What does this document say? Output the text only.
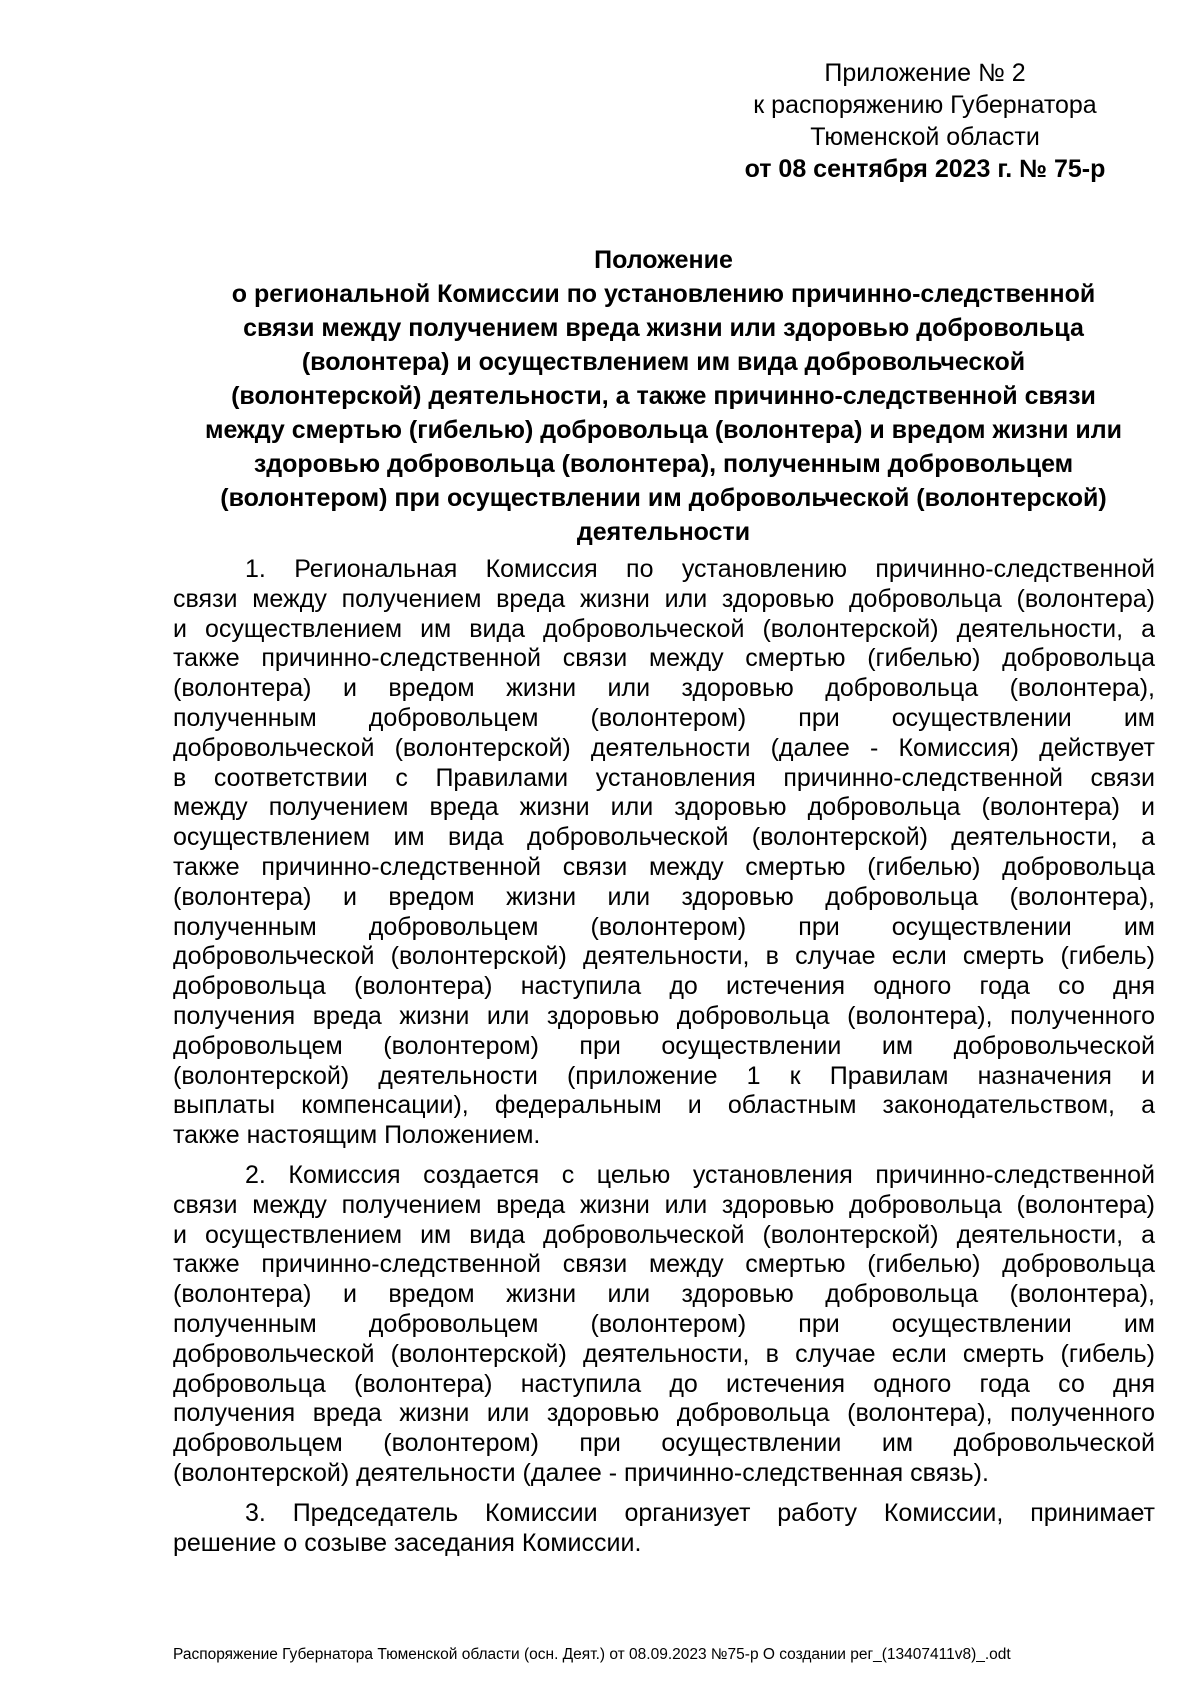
Приложение № 2
к распоряжению Губернатора
Тюменской области
от 08 сентября 2023 г. № 75-р
Положение
о региональной Комиссии по установлению причинно-следственной
связи между получением вреда жизни или здоровью добровольца
(волонтера) и осуществлением им вида добровольческой
(волонтерской) деятельности, а также причинно-следственной связи
между смертью (гибелью) добровольца (волонтера) и вредом жизни или
здоровью добровольца (волонтера), полученным добровольцем
(волонтером) при осуществлении им добровольческой (волонтерской)
деятельности
1. Региональная Комиссия по установлению причинно-следственной
связи между получением вреда жизни или здоровью добровольца (волонтера)
и осуществлением им вида добровольческой (волонтерской) деятельности, а
также причинно-следственной связи между смертью (гибелью) добровольца
(волонтера) и вредом жизни или здоровью добровольца (волонтера),
полученным добровольцем (волонтером) при осуществлении им
добровольческой (волонтерской) деятельности (далее - Комиссия) действует
в соответствии с Правилами установления причинно-следственной связи
между получением вреда жизни или здоровью добровольца (волонтера) и
осуществлением им вида добровольческой (волонтерской) деятельности, а
также причинно-следственной связи между смертью (гибелью) добровольца
(волонтера) и вредом жизни или здоровью добровольца (волонтера),
полученным добровольцем (волонтером) при осуществлении им
добровольческой (волонтерской) деятельности, в случае если смерть (гибель)
добровольца (волонтера) наступила до истечения одного года со дня
получения вреда жизни или здоровью добровольца (волонтера), полученного
добровольцем (волонтером) при осуществлении им добровольческой
(волонтерской) деятельности (приложение 1 к Правилам назначения и
выплаты компенсации), федеральным и областным законодательством, а
также настоящим Положением.
2. Комиссия создается с целью установления причинно-следственной
связи между получением вреда жизни или здоровью добровольца (волонтера)
и осуществлением им вида добровольческой (волонтерской) деятельности, а
также причинно-следственной связи между смертью (гибелью) добровольца
(волонтера) и вредом жизни или здоровью добровольца (волонтера),
полученным добровольцем (волонтером) при осуществлении им
добровольческой (волонтерской) деятельности, в случае если смерть (гибель)
добровольца (волонтера) наступила до истечения одного года со дня
получения вреда жизни или здоровью добровольца (волонтера), полученного
добровольцем (волонтером) при осуществлении им добровольческой
(волонтерской) деятельности (далее - причинно-следственная связь).
3. Председатель Комиссии организует работу Комиссии, принимает
решение о созыве заседания Комиссии.
Распоряжение Губернатора Тюменской области (осн. Деят.) от 08.09.2023 №75-р О создании рег_(13407411v8)_.odt
